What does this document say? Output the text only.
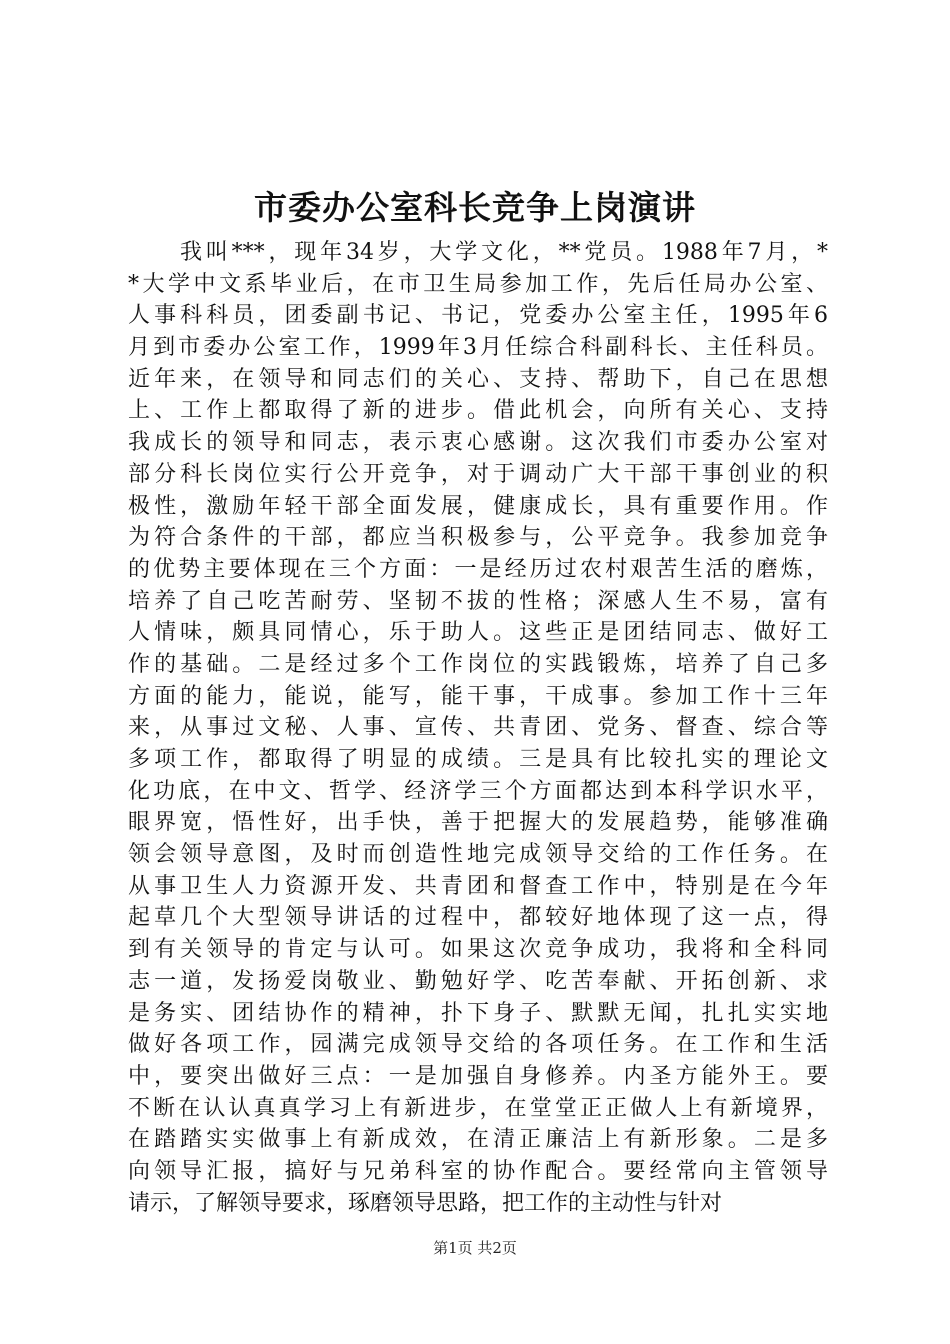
市委办公室科长竞争上岗演讲
我叫***，现年34岁，大学文化，**党员。1988年7月，*
*大学中文系毕业后，在市卫生局参加工作，先后任局办公室、
人事科科员，团委副书记、书记，党委办公室主任，1995年6
月到市委办公室工作，1999年3月任综合科副科长、主任科员。
近年来，在领导和同志们的关心、支持、帮助下，自己在思想
上、工作上都取得了新的进步。借此机会，向所有关心、支持
我成长的领导和同志，表示衷心感谢。这次我们市委办公室对
部分科长岗位实行公开竞争，对于调动广大干部干事创业的积
极性，激励年轻干部全面发展，健康成长，具有重要作用。作
为符合条件的干部，都应当积极参与，公平竞争。我参加竞争
的优势主要体现在三个方面：一是经历过农村艰苦生活的磨炼，
培养了自己吃苦耐劳、坚韧不拔的性格；深感人生不易，富有
人情味，颇具同情心，乐于助人。这些正是团结同志、做好工
作的基础。二是经过多个工作岗位的实践锻炼，培养了自己多
方面的能力，能说，能写，能干事，干成事。参加工作十三年
来，从事过文秘、人事、宣传、共青团、党务、督查、综合等
多项工作，都取得了明显的成绩。三是具有比较扎实的理论文
化功底，在中文、哲学、经济学三个方面都达到本科学识水平，
眼界宽，悟性好，出手快，善于把握大的发展趋势，能够准确
领会领导意图，及时而创造性地完成领导交给的工作任务。在
从事卫生人力资源开发、共青团和督查工作中，特别是在今年
起草几个大型领导讲话的过程中，都较好地体现了这一点，得
到有关领导的肯定与认可。如果这次竞争成功，我将和全科同
志一道，发扬爱岗敬业、勤勉好学、吃苦奉献、开拓创新、求
是务实、团结协作的精神，扑下身子、默默无闻，扎扎实实地
做好各项工作，园满完成领导交给的各项任务。在工作和生活
中，要突出做好三点：一是加强自身修养。内圣方能外王。要
不断在认认真真学习上有新进步，在堂堂正正做人上有新境界，
在踏踏实实做事上有新成效，在清正廉洁上有新形象。二是多
向领导汇报，搞好与兄弟科室的协作配合。要经常向主管领导
请示，了解领导要求，琢磨领导思路，把工作的主动性与针对
第1页 共2页
